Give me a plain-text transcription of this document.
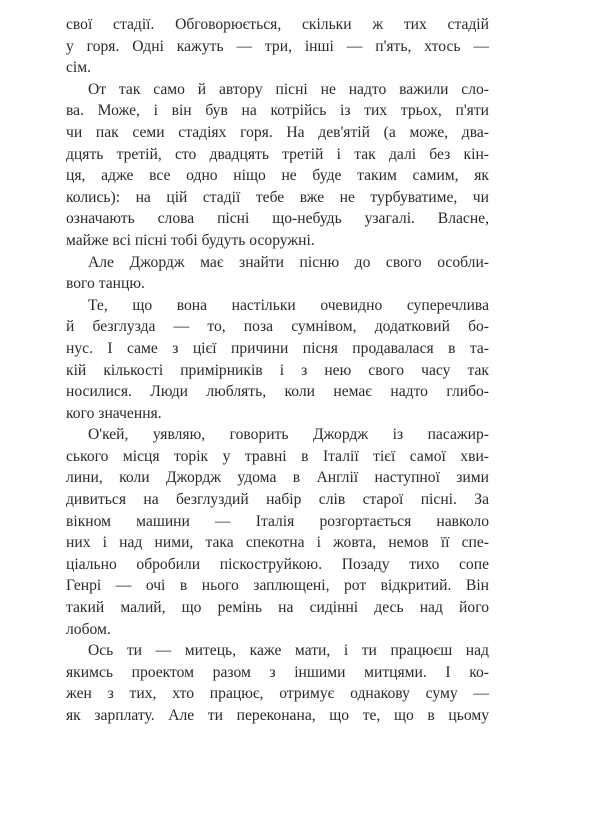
свої стадії. Обговорюється, скільки ж тих стадій
у горя. Одні кажуть — три, інші — п'ять, хтось —
сім.
От так само й автору пісні не надто важили сло-
ва. Може, і він був на котрійсь із тих трьох, п'яти
чи пак семи стадіях горя. На дев'ятій (а може, два-
дцять третій, сто двадцять третій і так далі без кін-
ця, адже все одно ніщо не буде таким самим, як
колись): на цій стадії тебе вже не турбуватиме, чи
означають слова пісні що-небудь узагалі. Власне,
майже всі пісні тобі будуть осоружні.
Але Джордж має знайти пісню до свого особли-
вого танцю.
Те, що вона настільки очевидно суперечлива
й безглузда — то, поза сумнівом, додатковий бо-
нус. І саме з цієї причини пісня продавалася в та-
кій кількості примірників і з нею свого часу так
носилися. Люди люблять, коли немає надто глибо-
кого значення.
О'кей, уявляю, говорить Джордж із пасажир-
ського місця торік у травні в Італії тієї самої хви-
лини, коли Джордж удома в Англії наступної зими
дивиться на безглуздий набір слів старої пісні. За
вікном машини — Італія розгортається навколо
них і над ними, така спекотна і жовта, немов її спе-
ціально обробили піскоструйкою. Позаду тихо сопе
Генрі — очі в нього заплющені, рот відкритий. Він
такий малий, що ремінь на сидінні десь над його
лобом.
Ось ти — митець, каже мати, і ти працюєш над
якимсь проектом разом з іншими митцями. І ко-
жен з тих, хто працює, отримує однакову суму —
як зарплату. Але ти переконана, що те, що в цьому
